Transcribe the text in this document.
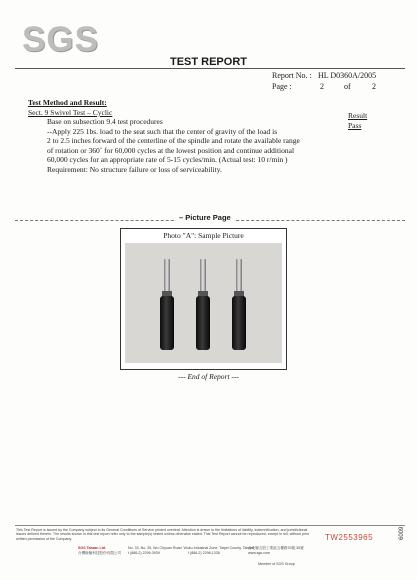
SGS
TEST REPORT
Report No. : HL D0360A/2005
Page :	2	of	2
Test Method and Result:
Sect. 9 Swivel Test – Cyclic	Result
Pass
Base on subsection 9.4 test procedures
--Apply 225 1bs. load to the seat such that the center of gravity of the load is
2 to 2.5 inches forward of the centerline of the spindle and rotate the available range
of rotation or 360˚ for 60,000 cycles at the lowest position and continue additional
60,000 cycles for an appropriate rate of 5-15 cycles/min. (Actual test: 10 r/min )
Requirement: No structure failure or loss of serviceability.
– Picture Page
Photo "A": Sample Picture
--- End of Report ---
This Test Report is issued by the Company subject to its General Conditions of Service printed overleaf. Attention is drawn to the limitations of liability, indemnification, and jurisdictional issues defined therein. The results shown in this test report refer only to the sample(s) tested unless otherwise stated. This Test Report cannot be reproduced, except in full, without prior written permission of the Company.	TW2553965
SGS Taiwan Ltd.
台灣檢驗科技股份有限公司
No. 33, No. 35, Wu Chyuan Road, Wuku Industrial Zone, Taipei County, Taiwan
台北縣五股工業區五權路33號,35號
t (886-2) 2299-3939	f (886-2) 2298-1338	www.sgs.com
Member of SGS Group
6009
